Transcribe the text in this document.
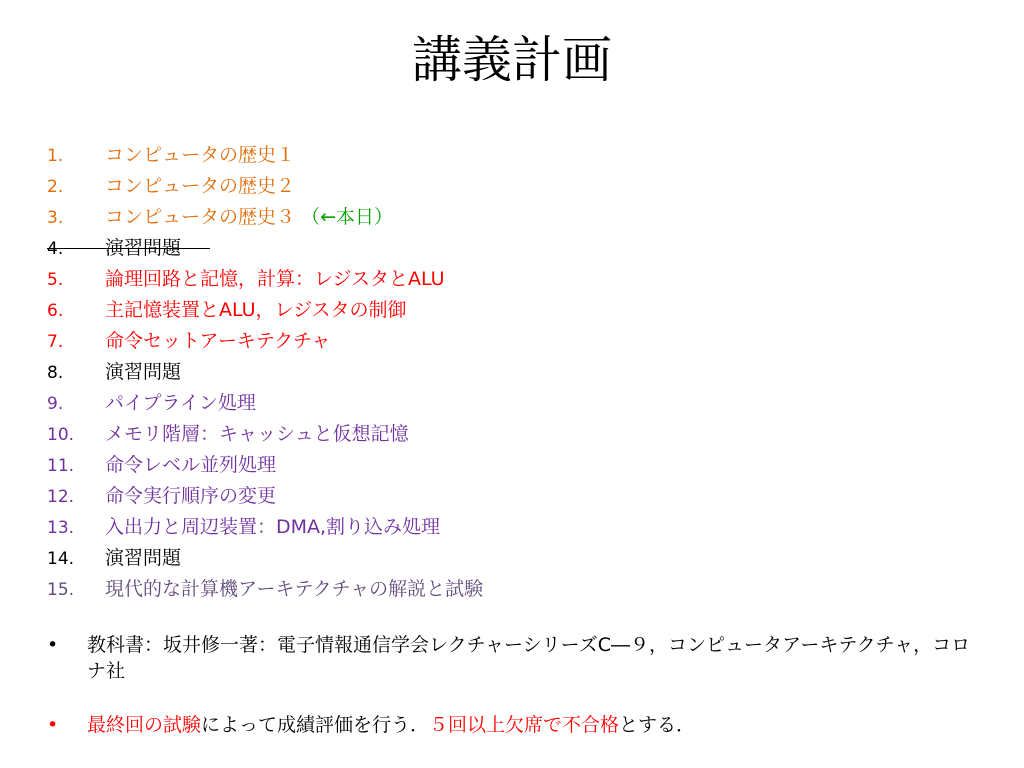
講義計画
1. コンピュータの歴史１
2. コンピュータの歴史２
3. コンピュータの歴史３ （←本日）
4. 演習問題
5. 論理回路と記憶，計算：レジスタとALU
6. 主記憶装置とALU，レジスタの制御
7. 命令セットアーキテクチャ
8. 演習問題
9. パイプライン処理
10. メモリ階層：キャッシュと仮想記憶
11. 命令レベル並列処理
12. 命令実行順序の変更
13. 入出力と周辺装置：DMA,割り込み処理
14. 演習問題
15. 現代的な計算機アーキテクチャの解説と試験
• 教科書：坂井修一著：電子情報通信学会レクチャーシリーズC―９，コンピュータアーキテクチャ，コロナ社
• 最終回の試験によって成績評価を行う．５回以上欠席で不合格とする．
